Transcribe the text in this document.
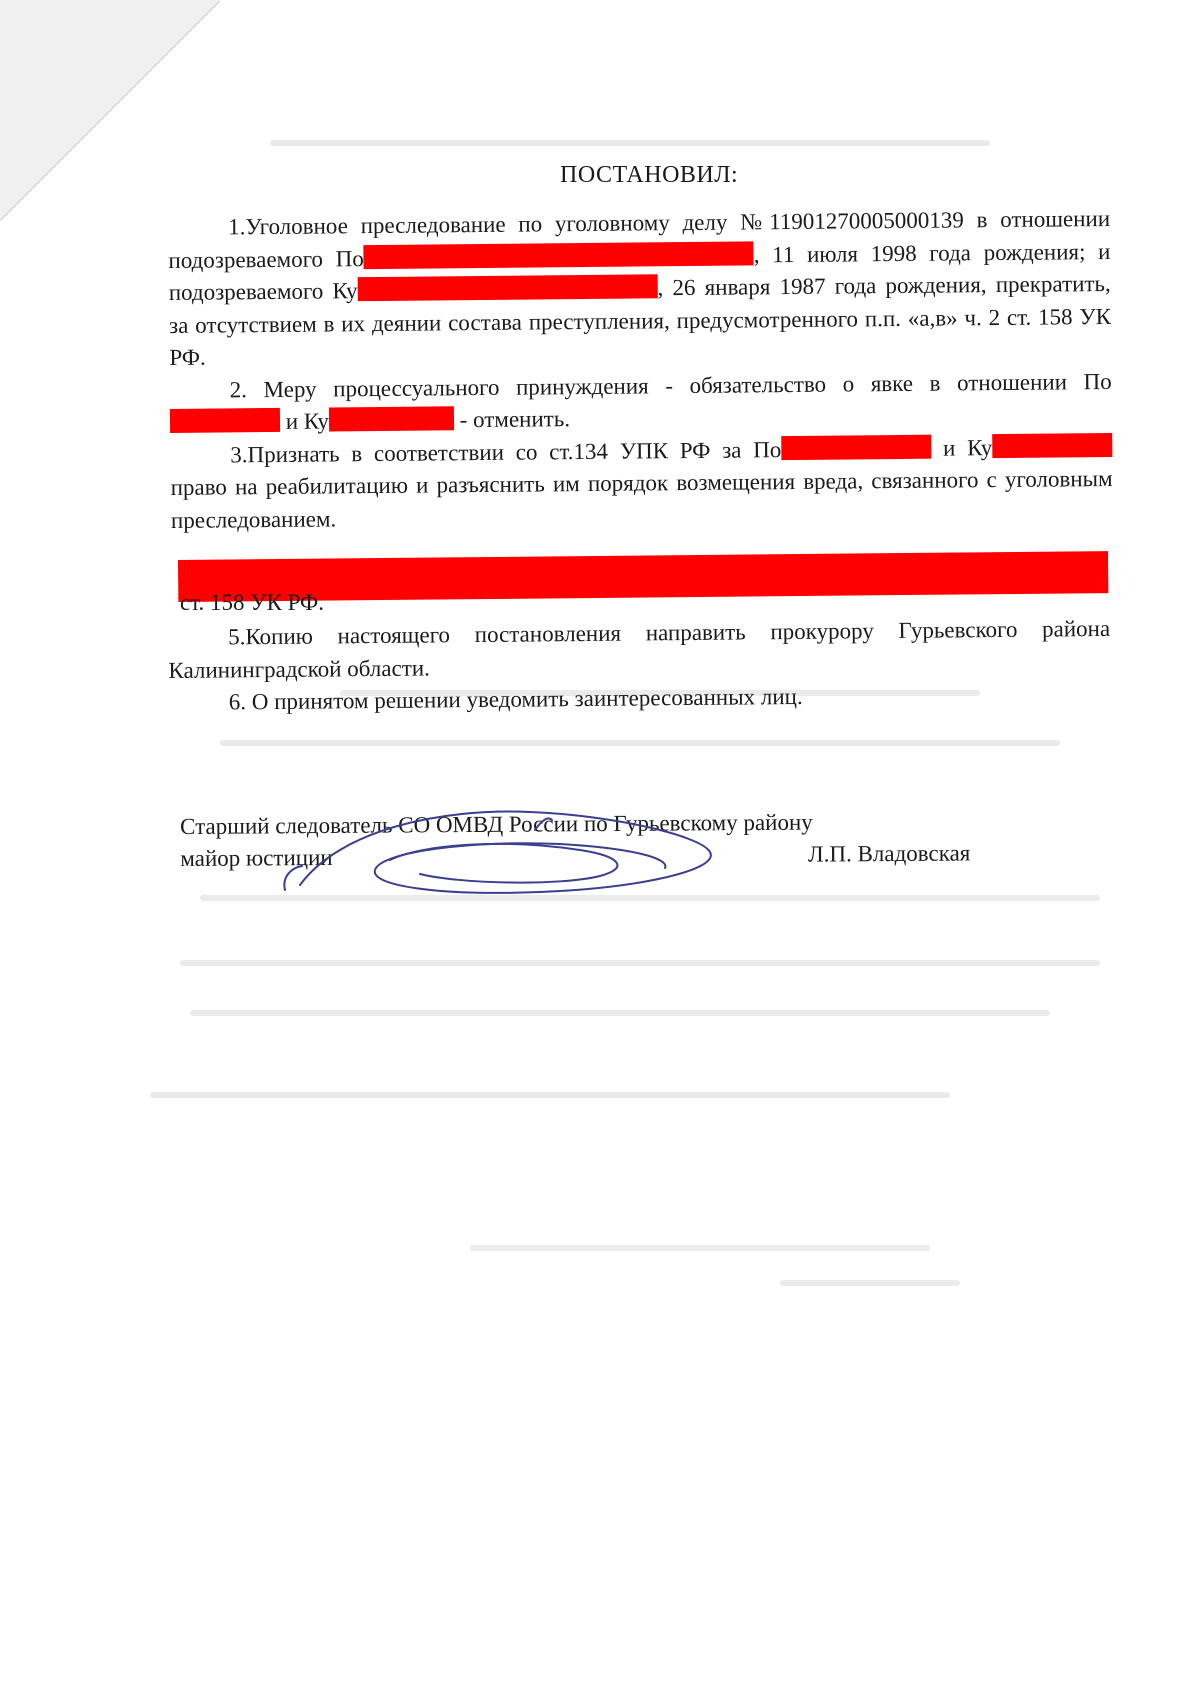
ПОСТАНОВИЛ:

1.Уголовное преследование по уголовному делу №11901270005000139 в отношении подозреваемого По	, 11 июля 1998 года рождения; и подозреваемого Ку	, 26 января 1987 года рождения, прекратить, за отсутствием в их деянии состава преступления, предусмотренного п.п. «а,в» ч. 2 ст. 158 УК РФ.

2. Меру процессуального принуждения - обязательство о явке в отношении По и Ку	- отменить.

3.Признать в соответствии со ст.134 УПК РФ за По	и Ку право на реабилитацию и разъяснить им порядок возмещения вреда, связанного с уголовным преследованием.

ст. 158 УК РФ.

5.Копию настоящего постановления направить прокурору Гурьевского района Калининградской области.

6. О принятом решении уведомить заинтересованных лиц.

Старший следователь СО ОМВД России по Гурьевскому району
майор юстиции	Л.П. Владовская
